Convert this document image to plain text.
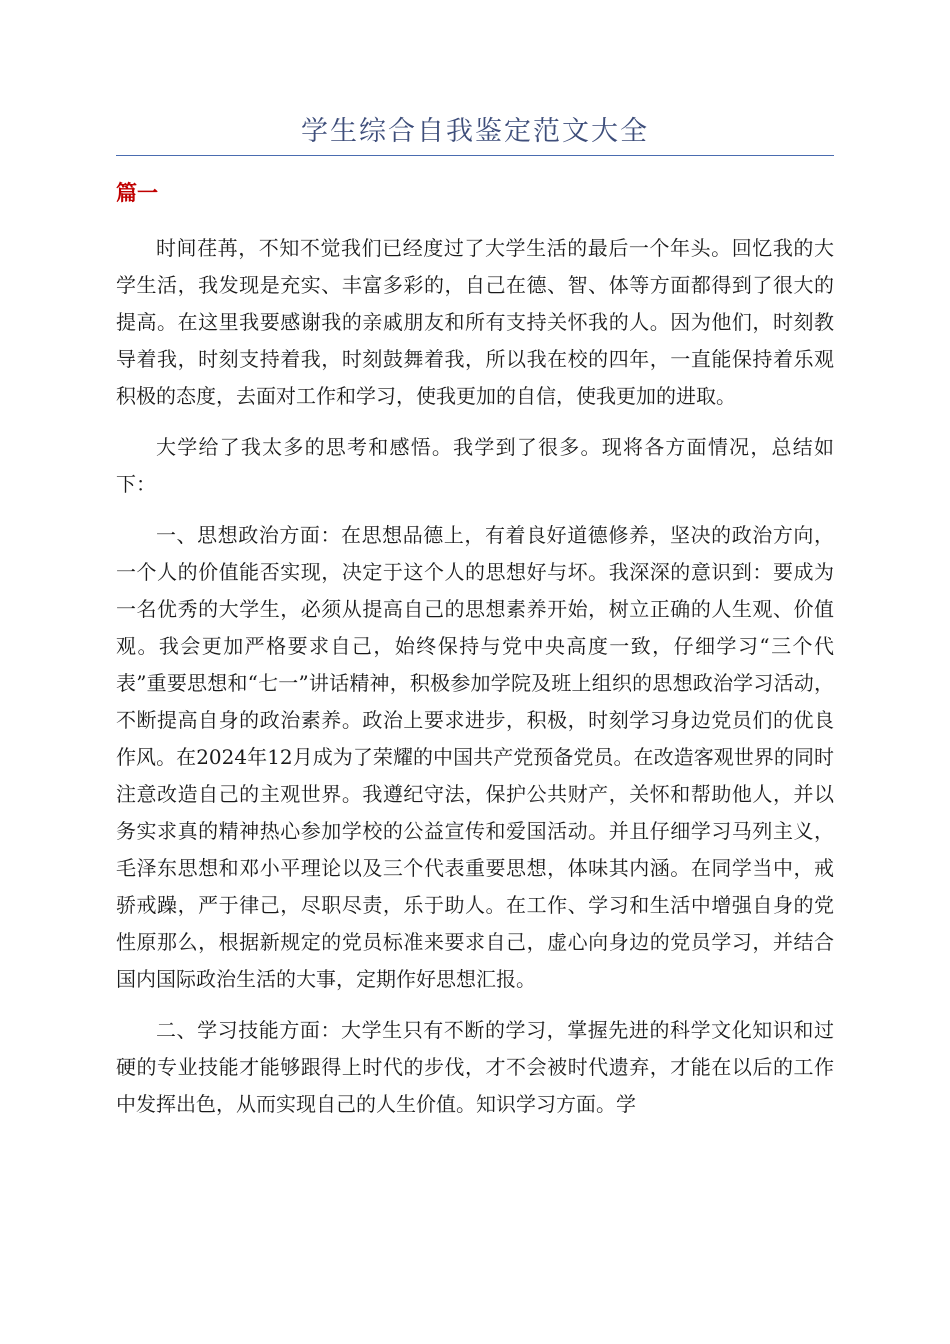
学生综合自我鉴定范文大全
篇一

时间荏苒，不知不觉我们已经度过了大学生活的最后一个年头。回忆我的大学生活，我发现是充实、丰富多彩的，自己在德、智、体等方面都得到了很大的提高。在这里我要感谢我的亲戚朋友和所有支持关怀我的人。因为他们，时刻教导着我，时刻支持着我，时刻鼓舞着我，所以我在校的四年，一直能保持着乐观积极的态度，去面对工作和学习，使我更加的自信，使我更加的进取。

大学给了我太多的思考和感悟。我学到了很多。现将各方面情况，总结如下：

一、思想政治方面：在思想品德上，有着良好道德修养，坚决的政治方向，一个人的价值能否实现，决定于这个人的思想好与坏。我深深的意识到：要成为一名优秀的大学生，必须从提高自己的思想素养开始，树立正确的人生观、价值观。我会更加严格要求自己，始终保持与党中央高度一致，仔细学习“三个代表”重要思想和“七一”讲话精神，积极参加学院及班上组织的思想政治学习活动，不断提高自身的政治素养。政治上要求进步，积极，时刻学习身边党员们的优良作风。在2024年12月成为了荣耀的中国共产党预备党员。在改造客观世界的同时注意改造自己的主观世界。我遵纪守法，保护公共财产，关怀和帮助他人，并以务实求真的精神热心参加学校的公益宣传和爱国活动。并且仔细学习马列主义，毛泽东思想和邓小平理论以及三个代表重要思想，体味其内涵。在同学当中，戒骄戒躁，严于律己，尽职尽责，乐于助人。在工作、学习和生活中增强自身的党性原那么，根据新规定的党员标准来要求自己，虚心向身边的党员学习，并结合国内国际政治生活的大事，定期作好思想汇报。

二、学习技能方面：大学生只有不断的学习，掌握先进的科学文化知识和过硬的专业技能才能够跟得上时代的步伐，才不会被时代遗弃，才能在以后的工作中发挥出色，从而实现自己的人生价值。知识学习方面。学
